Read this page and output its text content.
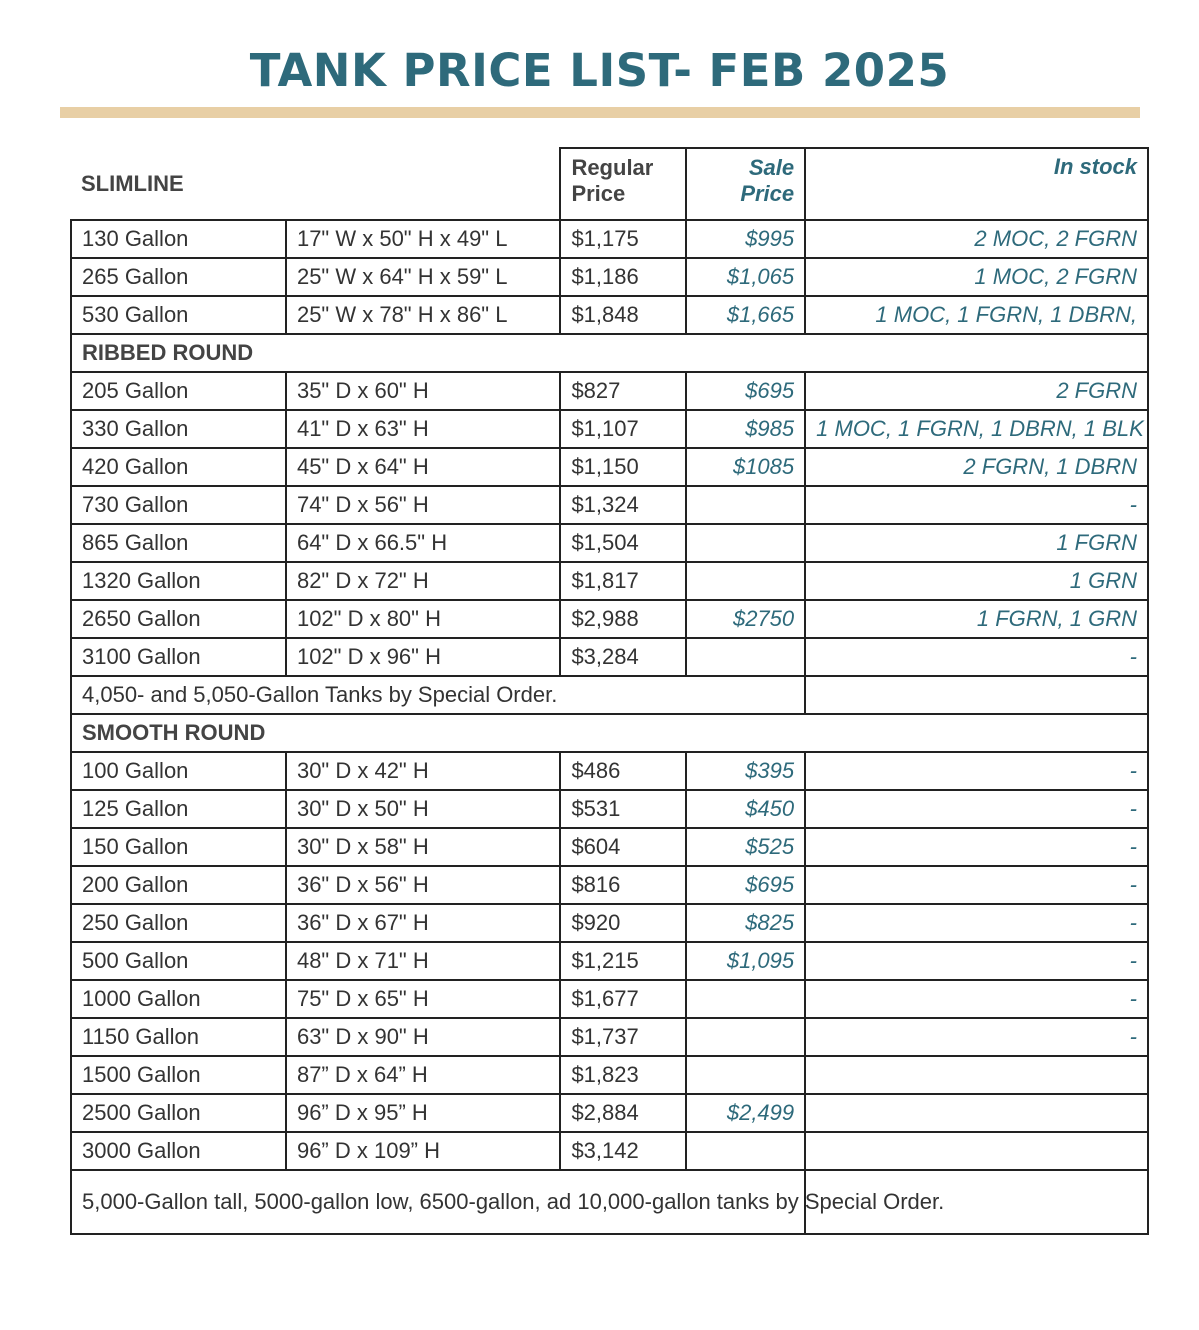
TANK PRICE LIST- FEB 2025
SLIMLINE		Regular Price	Sale Price	In stock
130 Gallon	17" W x 50" H x 49" L	$1,175	$995	2 MOC, 2 FGRN
265 Gallon	25" W x 64" H x 59" L	$1,186	$1,065	1 MOC, 2 FGRN
530 Gallon	25" W x 78" H x 86" L	$1,848	$1,665	1 MOC, 1 FGRN, 1 DBRN,
RIBBED ROUND				
205 Gallon	35" D x 60" H	$827	$695	2 FGRN
330 Gallon	41" D x 63" H	$1,107	$985	1 MOC, 1 FGRN, 1 DBRN, 1 BLK
420 Gallon	45" D x 64" H	$1,150	$1085	2 FGRN, 1 DBRN
730 Gallon	74" D x 56" H	$1,324		-
865 Gallon	64" D x 66.5" H	$1,504		1 FGRN
1320 Gallon	82" D x 72" H	$1,817		1 GRN
2650 Gallon	102" D x 80" H	$2,988	$2750	1 FGRN, 1 GRN
3100 Gallon	102" D x 96" H	$3,284		-
4,050- and 5,050-Gallon Tanks by Special Order.				
SMOOTH ROUND				
100 Gallon	30" D x 42" H	$486	$395	-
125 Gallon	30" D x 50" H	$531	$450	-
150 Gallon	30" D x 58" H	$604	$525	-
200 Gallon	36" D x 56" H	$816	$695	-
250 Gallon	36" D x 67" H	$920	$825	-
500 Gallon	48" D x 71" H	$1,215	$1,095	-
1000 Gallon	75" D x 65" H	$1,677		-
1150 Gallon	63" D x 90" H	$1,737		-
1500 Gallon	87” D x 64” H	$1,823		
2500 Gallon	96” D x 95” H	$2,884	$2,499	
3000 Gallon	96” D x 109” H	$3,142		
5,000-Gallon tall, 5000-gallon low, 6500-gallon, ad 10,000-gallon tanks by Special Order.				
